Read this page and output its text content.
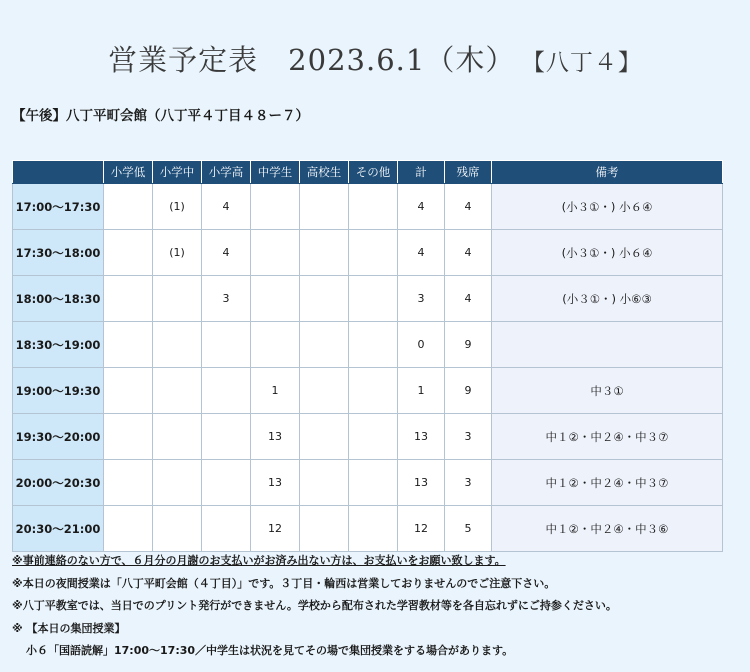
営業予定表　2023.6.1（木） 【八丁４】
【午後】八丁平町会館（八丁平４丁目４８ー７）
	小学低	小学中	小学高	中学生	高校生	その他	計	残席	備考
17:00〜17:30		(1)	4				4	4	(小３①・) 小６④
17:30〜18:00		(1)	4				4	4	(小３①・) 小６④
18:00〜18:30			3				3	4	(小３①・) 小⑥③
18:30〜19:00							0	9	
19:00〜19:30				1			1	9	中３①
19:30〜20:00				13			13	3	中１②・中２④・中３⑦
20:00〜20:30				13			13	3	中１②・中２④・中３⑦
20:30〜21:00				12			12	5	中１②・中２④・中３⑥
※事前連絡のない方で、６月分の月謝のお支払いがお済み出ない方は、お支払いをお願い致します。
※本日の夜間授業は「八丁平町会館（４丁目）」です。３丁目・輪西は営業しておりませんのでご注意下さい。
※八丁平教室では、当日でのプリント発行ができません。学校から配布された学習教材等を各自忘れずにご持参ください。
※ 【本日の集団授業】
小６「国語読解」17:00〜17:30／中学生は状況を見てその場で集団授業をする場合があります。
